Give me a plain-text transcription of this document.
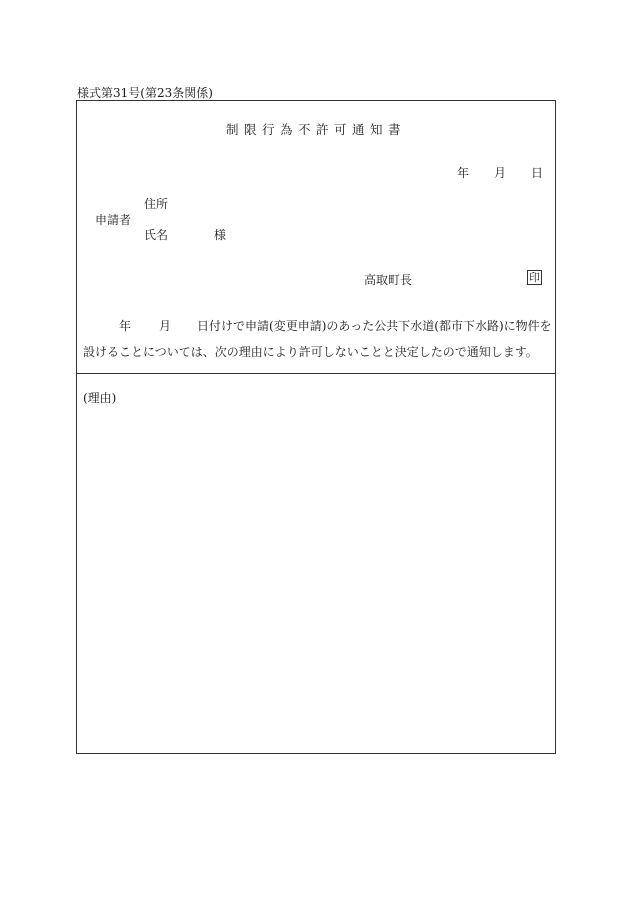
様式第31号(第23条関係)
制限行為不許可通知書
年 月 日
住所
申請者
氏名	様
高取町長	印
年 月 日付けで申請(変更申請)のあった公共下水道(都市下水路)に物件を
設けることについては、次の理由により許可しないことと決定したので通知します。
(理由)
